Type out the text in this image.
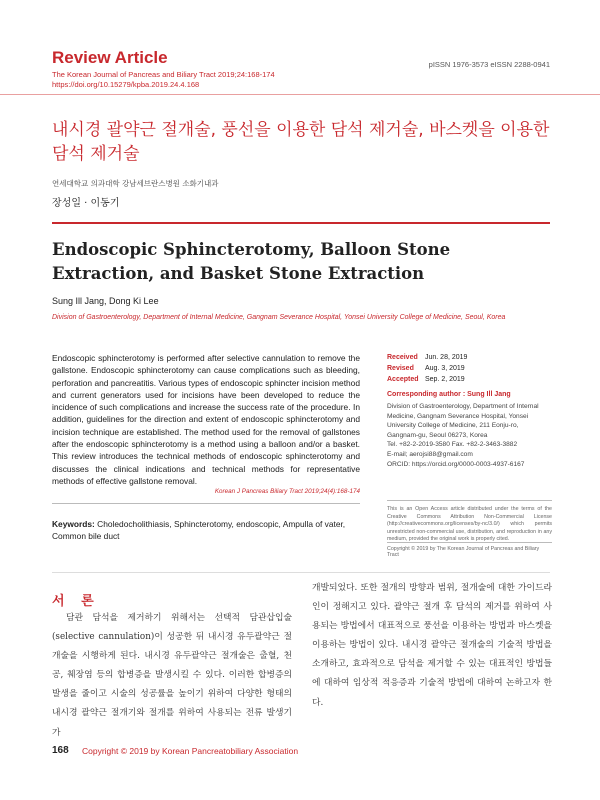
Review Article
The Korean Journal of Pancreas and Biliary Tract 2019;24:168-174
https://doi.org/10.15279/kpba.2019.24.4.168
pISSN 1976-3573 eISSN 2288-0941
내시경 괄약근 절개술, 풍선을 이용한 담석 제거술, 바스켓을 이용한 담석 제거술
연세대학교 의과대학 강남세브란스병원 소화기내과
장성일 · 이동기
Endoscopic Sphincterotomy, Balloon Stone Extraction, and Basket Stone Extraction
Sung Ill Jang, Dong Ki Lee
Division of Gastroenterology, Department of Internal Medicine, Gangnam Severance Hospital, Yonsei University College of Medicine, Seoul, Korea
Endoscopic sphincterotomy is performed after selective cannulation to remove the gallstone. Endoscopic sphincterotomy can cause complications such as bleeding, perforation and pancreatitis. Various types of endoscopic sphincter incision method and current generators used for incisions have been developed to reduce the incidence of such complications and increase the success rate of the procedure. In addition, guidelines for the direction and extent of endoscopic sphincterotomy and incision technique are established. The method used for the removal of gallstones after the endoscopic sphincterotomy is a method using a balloon and/or a basket. This review introduces the technical methods of endoscopic sphincterotomy and discusses the clinical indications and technical methods for representative methods of effective gallstone removal.
Korean J Pancreas Biliary Tract 2019;24(4):168-174
Keywords: Choledocholithiasis, Sphincterotomy, endoscopic, Ampulla of vater, Common bile duct
Received Jun. 28, 2019
Revised Aug. 3, 2019
Accepted Sep. 2, 2019
Corresponding author : Sung Ill Jang
Division of Gastroenterology, Department of Internal
Medicine, Gangnam Severance Hospital, Yonsei
University College of Medicine, 211 Eonju-ro,
Gangnam-gu, Seoul 06273, Korea
Tel. +82-2-2019-3580 Fax. +82-2-3463-3882
E-mail; aerojsi88@gmail.com
ORCID: https://orcid.org/0000-0003-4937-6167
This is an Open Access article distributed under the terms of the Creative Commons Attribution Non-Commercial License (http://creativecommons.org/licenses/by-nc/3.0/) which permits unrestricted non-commercial use, distribution, and reproduction in any medium, provided the original work is properly cited.
Copyright © 2019 by The Korean Journal of Pancreas and Biliary Tract
서 론
담관 담석을 제거하기 위해서는 선택적 담관삽입술(selective cannulation)이 성공한 뒤 내시경 유두괄약근 절개술을 시행하게 된다. 내시경 유두괄약근 절개술은 출혈, 천공, 췌장염 등의 합병증을 발생시킬 수 있다. 이러한 합병증의 발생을 줄이고 시술의 성공률을 높이기 위하여 다양한 형태의 내시경 괄약근 절개기와 절개를 위하여 사용되는 전류 발생기가
개발되었다. 또한 절개의 방향과 범위, 절개술에 대한 가이드라인이 정해지고 있다. 괄약근 절개 후 담석의 제거를 위하여 사용되는 방법에서 대표적으로 풍선을 이용하는 방법과 바스켓을 이용하는 방법이 있다. 내시경 괄약근 절개술의 기술적 방법을 소개하고, 효과적으로 담석을 제거할 수 있는 대표적인 방법들에 대하여 임상적 적응증과 기술적 방법에 대하여 논하고자 한다.
168 Copyright © 2019 by Korean Pancreatobiliary Association
